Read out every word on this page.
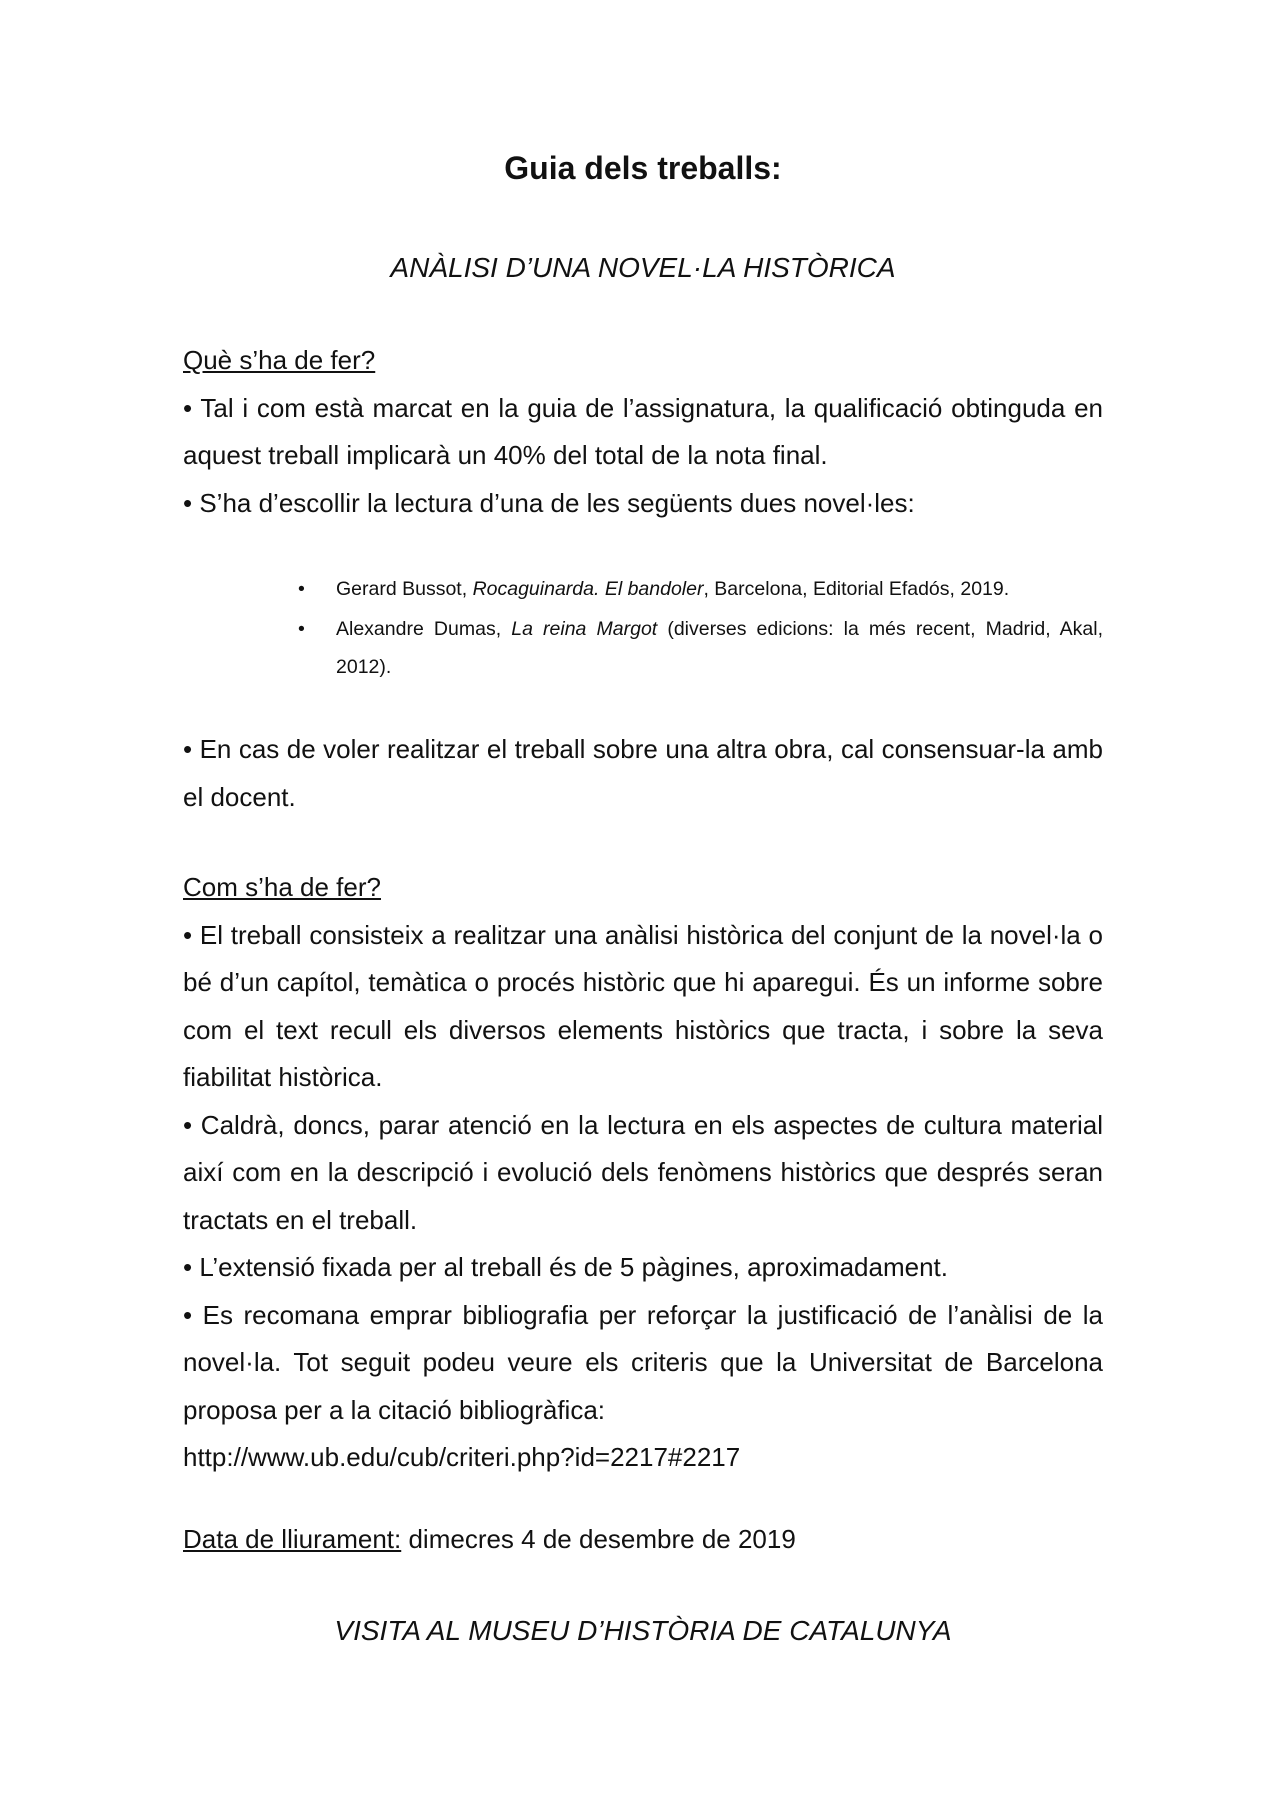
Guia dels treballs:

ANÀLISI D’UNA NOVEL·LA HISTÒRICA

Què s’ha de fer?

• Tal i com està marcat en la guia de l’assignatura, la qualificació obtinguda en aquest treball implicarà un 40% del total de la nota final.

• S’ha d’escollir la lectura d’una de les següents dues novel·les:

• Gerard Bussot, Rocaguinarda. El bandoler, Barcelona, Editorial Efadós, 2019.
• Alexandre Dumas, La reina Margot (diverses edicions: la més recent, Madrid, Akal, 2012).

• En cas de voler realitzar el treball sobre una altra obra, cal consensuar-la amb el docent.

Com s’ha de fer?

• El treball consisteix a realitzar una anàlisi històrica del conjunt de la novel·la o bé d’un capítol, temàtica o procés històric que hi aparegui. És un informe sobre com el text recull els diversos elements històrics que tracta, i sobre la seva fiabilitat històrica.

• Caldrà, doncs, parar atenció en la lectura en els aspectes de cultura material així com en la descripció i evolució dels fenòmens històrics que després seran tractats en el treball.

• L’extensió fixada per al treball és de 5 pàgines, aproximadament.

• Es recomana emprar bibliografia per reforçar la justificació de l’anàlisi de la novel·la. Tot seguit podeu veure els criteris que la Universitat de Barcelona proposa per a la citació bibliogràfica:

http://www.ub.edu/cub/criteri.php?id=2217#2217

Data de lliurament: dimecres 4 de desembre de 2019

VISITA AL MUSEU D’HISTÒRIA DE CATALUNYA
